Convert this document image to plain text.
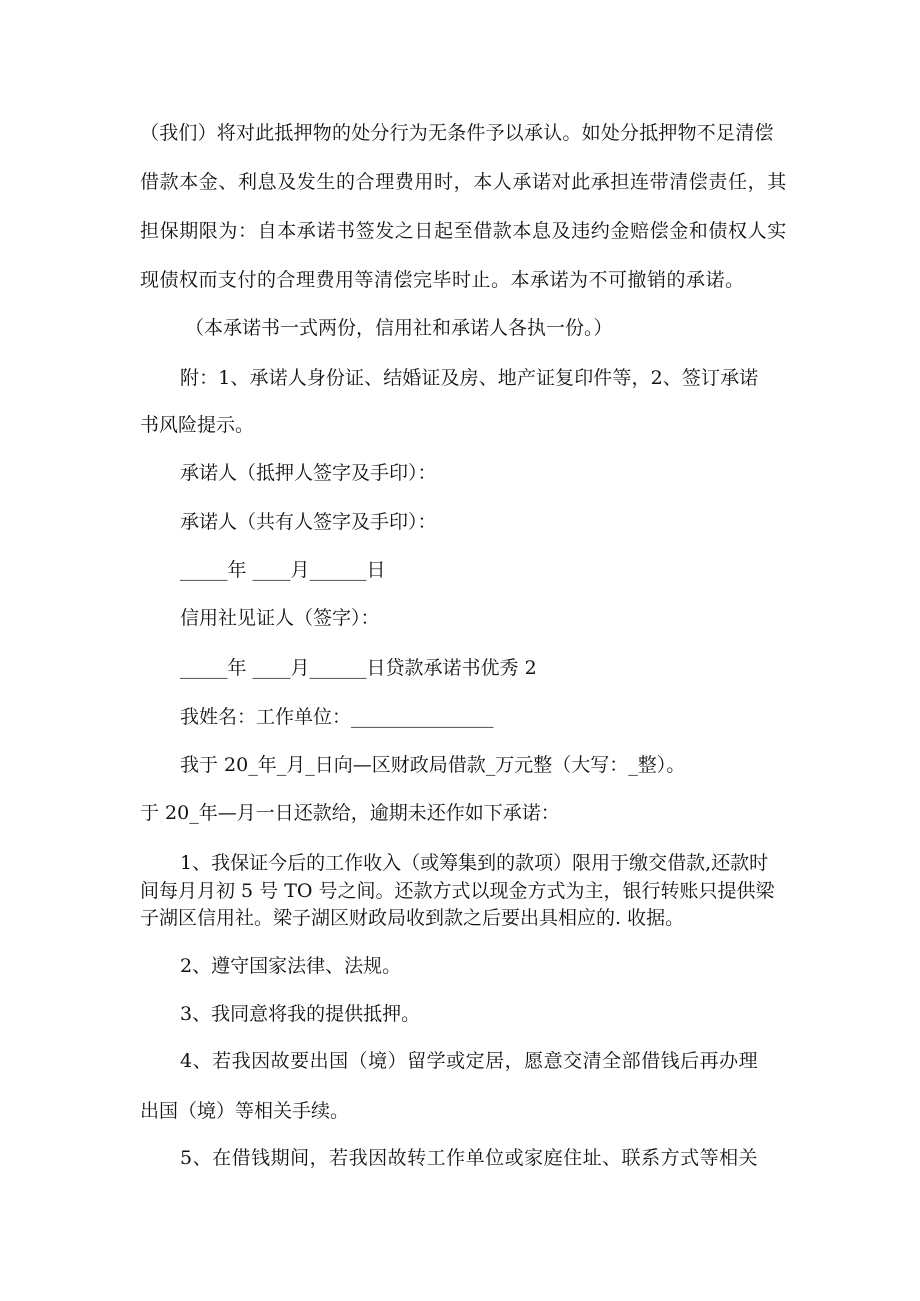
（我们）将对此抵押物的处分行为无条件予以承认。如处分抵押物不足清偿
借款本金、利息及发生的合理费用时，本人承诺对此承担连带清偿责任，其
担保期限为：自本承诺书签发之日起至借款本息及违约金赔偿金和债权人实
现债权而支付的合理费用等清偿完毕时止。本承诺为不可撤销的承诺。
（本承诺书一式两份，信用社和承诺人各执一份。）
附：1、承诺人身份证、结婚证及房、地产证复印件等，2、签订承诺
书风险提示。
承诺人（抵押人签字及手印）：
承诺人（共有人签字及手印）：
_____年 ____月______日
信用社见证人（签字）：
_____年 ____月______日贷款承诺书优秀 2
我姓名：工作单位：_______________
我于 20_年_月_日向—区财政局借款_万元整（大写：_整）。
于 20_年—月一日还款给，逾期未还作如下承诺：
1、我保证今后的工作收入（或筹集到的款项）限用于缴交借款,还款时
间每月月初 5 号 TO 号之间。还款方式以现金方式为主，银行转账只提供梁
子湖区信用社。梁子湖区财政局收到款之后要出具相应的. 收据。
2、遵守国家法律、法规。
3、我同意将我的提供抵押。
4、若我因故要出国（境）留学或定居，愿意交清全部借钱后再办理
出国（境）等相关手续。
5、在借钱期间，若我因故转工作单位或家庭住址、联系方式等相关
